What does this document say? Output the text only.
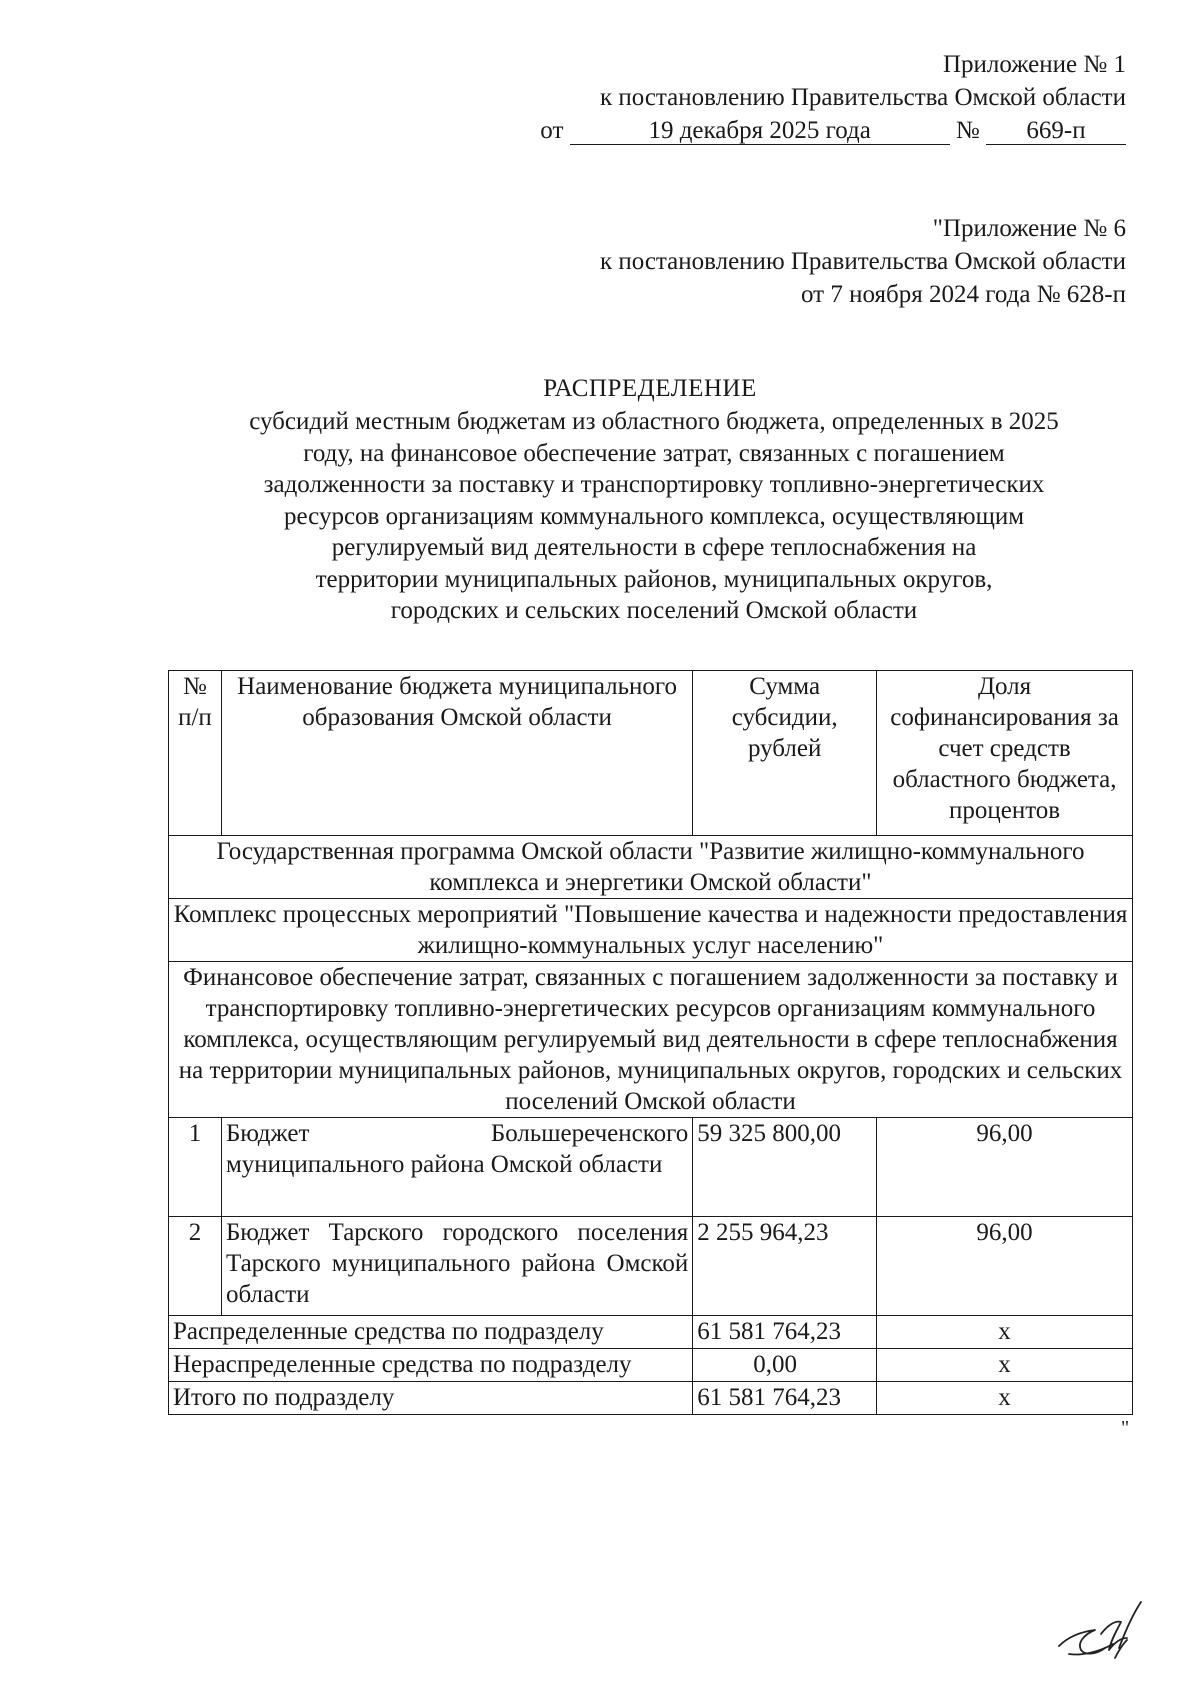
Приложение № 1
к постановлению Правительства Омской области
от	19 декабря 2025 года	№ 669-п
"Приложение № 6
к постановлению Правительства Омской области
от 7 ноября 2024 года № 628-п
РАСПРЕДЕЛЕНИЕ
субсидий местным бюджетам из областного бюджета, определенных в 2025
году, на финансовое обеспечение затрат, связанных с погашением
задолженности за поставку и транспортировку топливно-энергетических
ресурсов организациям коммунального комплекса, осуществляющим
регулируемый вид деятельности в сфере теплоснабжения на
территории муниципальных районов, муниципальных округов,
городских и сельских поселений Омской области
№ п/п	Наименование бюджета муниципального образования Омской области	Сумма субсидии, рублей	Доля софинансирования за счет средств областного бюджета, процентов
Государственная программа Омской области "Развитие жилищно-коммунального комплекса и энергетики Омской области"			
Комплекс процессных мероприятий "Повышение качества и надежности предоставления жилищно-коммунальных услуг населению"			
Финансовое обеспечение затрат, связанных с погашением задолженности за поставку и транспортировку топливно-энергетических ресурсов организациям коммунального комплекса, осуществляющим регулируемый вид деятельности в сфере теплоснабжения на территории муниципальных районов, муниципальных округов, городских и сельских поселений Омской области			
1	Бюджет Большереченского муниципального района Омской области	59 325 800,00	96,00
2	Бюджет Тарского городского поселения Тарского муниципального района Омской области	2 255 964,23	96,00
Распределенные средства по подразделу		61 581 764,23	x
Нераспределенные средства по подразделу		0,00	x
Итого по подразделу		61 581 764,23	x
"
